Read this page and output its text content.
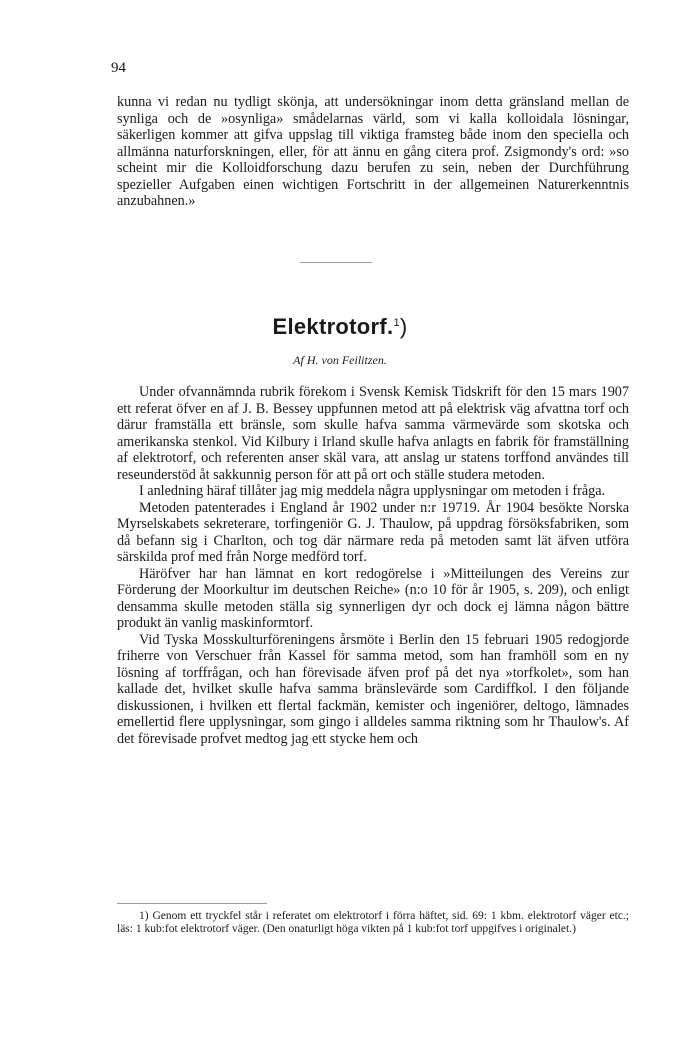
94

kunna vi redan nu tydligt skönja, att undersökningar inom detta gränsland mellan de synliga och de »osynliga» smådelarnas värld, som vi kalla kolloidala lösningar, säkerligen kommer att gifva uppslag till viktiga framsteg både inom den speciella och allmänna naturforskningen, eller, för att ännu en gång citera prof. Zsigmondy's ord: »so scheint mir die Kolloidforschung dazu berufen zu sein, neben der Durchführung spezieller Aufgaben einen wichtigen Fortschritt in der allgemeinen Naturerkenntnis anzubahnen.»

Elektrotorf.$^1$)
Af H. von Feilitzen.

Under ofvannämnda rubrik förekom i Svensk Kemisk Tidskrift för den 15 mars 1907 ett referat öfver en af J. B. Bessey uppfunnen metod att på elektrisk väg afvattna torf och därur framställa ett bränsle, som skulle hafva samma värmevärde som skotska och amerikanska stenkol. Vid Kilbury i Irland skulle hafva anlagts en fabrik för framställning af elektrotorf, och referenten anser skäl vara, att anslag ur statens torffond användes till reseunderstöd åt sakkunnig person för att på ort och ställe studera metoden.

I anledning häraf tillåter jag mig meddela några upplysningar om metoden i fråga.

Metoden patenterades i England år 1902 under n:r 19719. År 1904 besökte Norska Myrselskabets sekreterare, torfingeniör G. J. Thaulow, på uppdrag försöksfabriken, som då befann sig i Charlton, och tog där närmare reda på metoden samt lät äfven utföra särskilda prof med från Norge medförd torf.

Häröfver har han lämnat en kort redogörelse i »Mitteilungen des Vereins zur Förderung der Moorkultur im deutschen Reiche» (n:o 10 för år 1905, s. 209), och enligt densamma skulle metoden ställa sig synnerligen dyr och dock ej lämna någon bättre produkt än vanlig maskinformtorf.

Vid Tyska Mosskulturföreningens årsmöte i Berlin den 15 februari 1905 redogjorde friherre von Verschuer från Kassel för samma metod, som han framhöll som en ny lösning af torffrågan, och han förevisade äfven prof på det nya »torfkolet», som han kallade det, hvilket skulle hafva samma bränslevärde som Cardiffkol. I den följande diskussionen, i hvilken ett flertal fackmän, kemister och ingeniörer, deltogo, lämnades emellertid flere upplysningar, som gingo i alldeles samma riktning som hr Thaulow's. Af det förevisade profvet medtog jag ett stycke hem och

1) Genom ett tryckfel står i referatet om elektrotorf i förra häftet, sid. 69: 1 kbm. elektrotorf väger etc.; läs: 1 kub:fot elektrotorf väger. (Den onaturligt höga vikten på 1 kub:fot torf uppgifves i originalet.)
